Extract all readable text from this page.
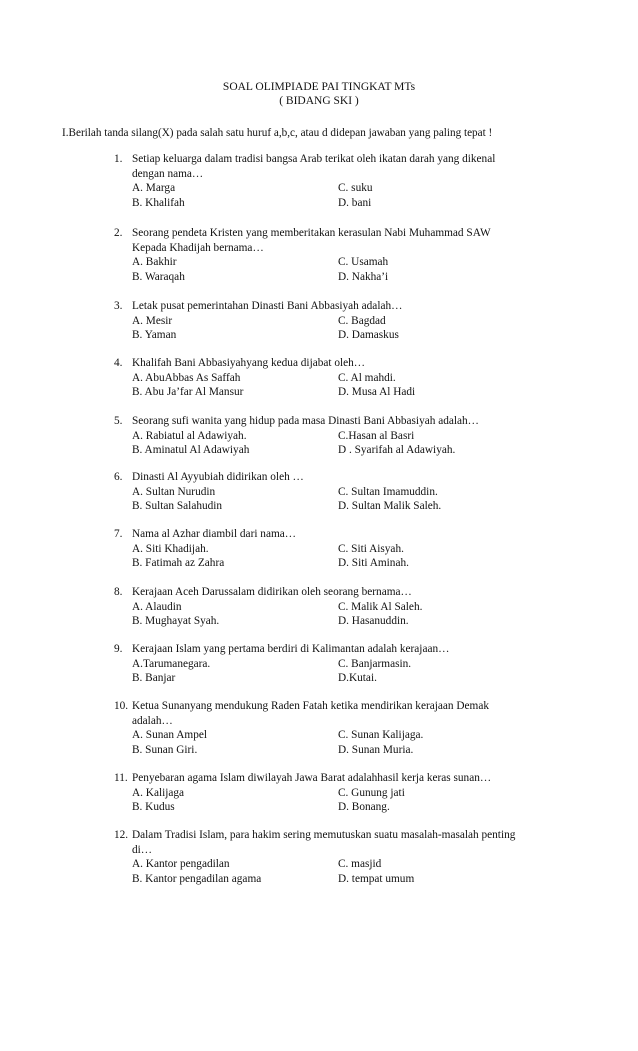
SOAL OLIMPIADE PAI TINGKAT MTs
( BIDANG SKI )
I.Berilah tanda silang(X) pada salah satu huruf a,b,c, atau d didepan jawaban yang paling tepat !
1. Setiap keluarga dalam tradisi bangsa Arab terikat oleh ikatan darah yang dikenal
dengan nama…
A. Marga	C. suku
B. Khalifah	D. bani
2. Seorang pendeta Kristen yang memberitakan kerasulan Nabi Muhammad SAW
Kepada Khadijah bernama…
A. Bakhir	C. Usamah
B. Waraqah	D. Nakha’i
3. Letak pusat pemerintahan Dinasti Bani Abbasiyah adalah…
A. Mesir	C. Bagdad
B. Yaman	D. Damaskus
4. Khalifah Bani Abbasiyahyang kedua dijabat oleh…
A. AbuAbbas As Saffah	C. Al mahdi.
B. Abu Ja’far Al Mansur	D. Musa Al Hadi
5. Seorang sufi wanita yang hidup pada masa Dinasti Bani Abbasiyah adalah…
A. Rabiatul al Adawiyah.	C.Hasan al Basri
B. Aminatul Al Adawiyah	D . Syarifah al Adawiyah.
6. Dinasti Al Ayyubiah didirikan oleh …
A. Sultan Nurudin	C. Sultan Imamuddin.
B. Sultan Salahudin	D. Sultan Malik Saleh.
7. Nama al Azhar diambil dari nama…
A. Siti Khadijah.	C. Siti Aisyah.
B. Fatimah az Zahra	D. Siti Aminah.
8. Kerajaan Aceh Darussalam didirikan oleh seorang bernama…
A. Alaudin	C. Malik Al Saleh.
B. Mughayat Syah.	D. Hasanuddin.
9. Kerajaan Islam yang pertama berdiri di Kalimantan adalah kerajaan…
A.Tarumanegara.	C. Banjarmasin.
B. Banjar	D.Kutai.
10. Ketua Sunanyang mendukung Raden Fatah ketika mendirikan kerajaan Demak
adalah…
A. Sunan Ampel	C. Sunan Kalijaga.
B. Sunan Giri.	D. Sunan Muria.
11. Penyebaran agama Islam diwilayah Jawa Barat adalahhasil kerja keras sunan…
A. Kalijaga	C. Gunung jati
B. Kudus	D. Bonang.
12. Dalam Tradisi Islam, para hakim sering memutuskan suatu masalah-masalah penting
di…
A. Kantor pengadilan	C. masjid
B. Kantor pengadilan agama	D. tempat umum
